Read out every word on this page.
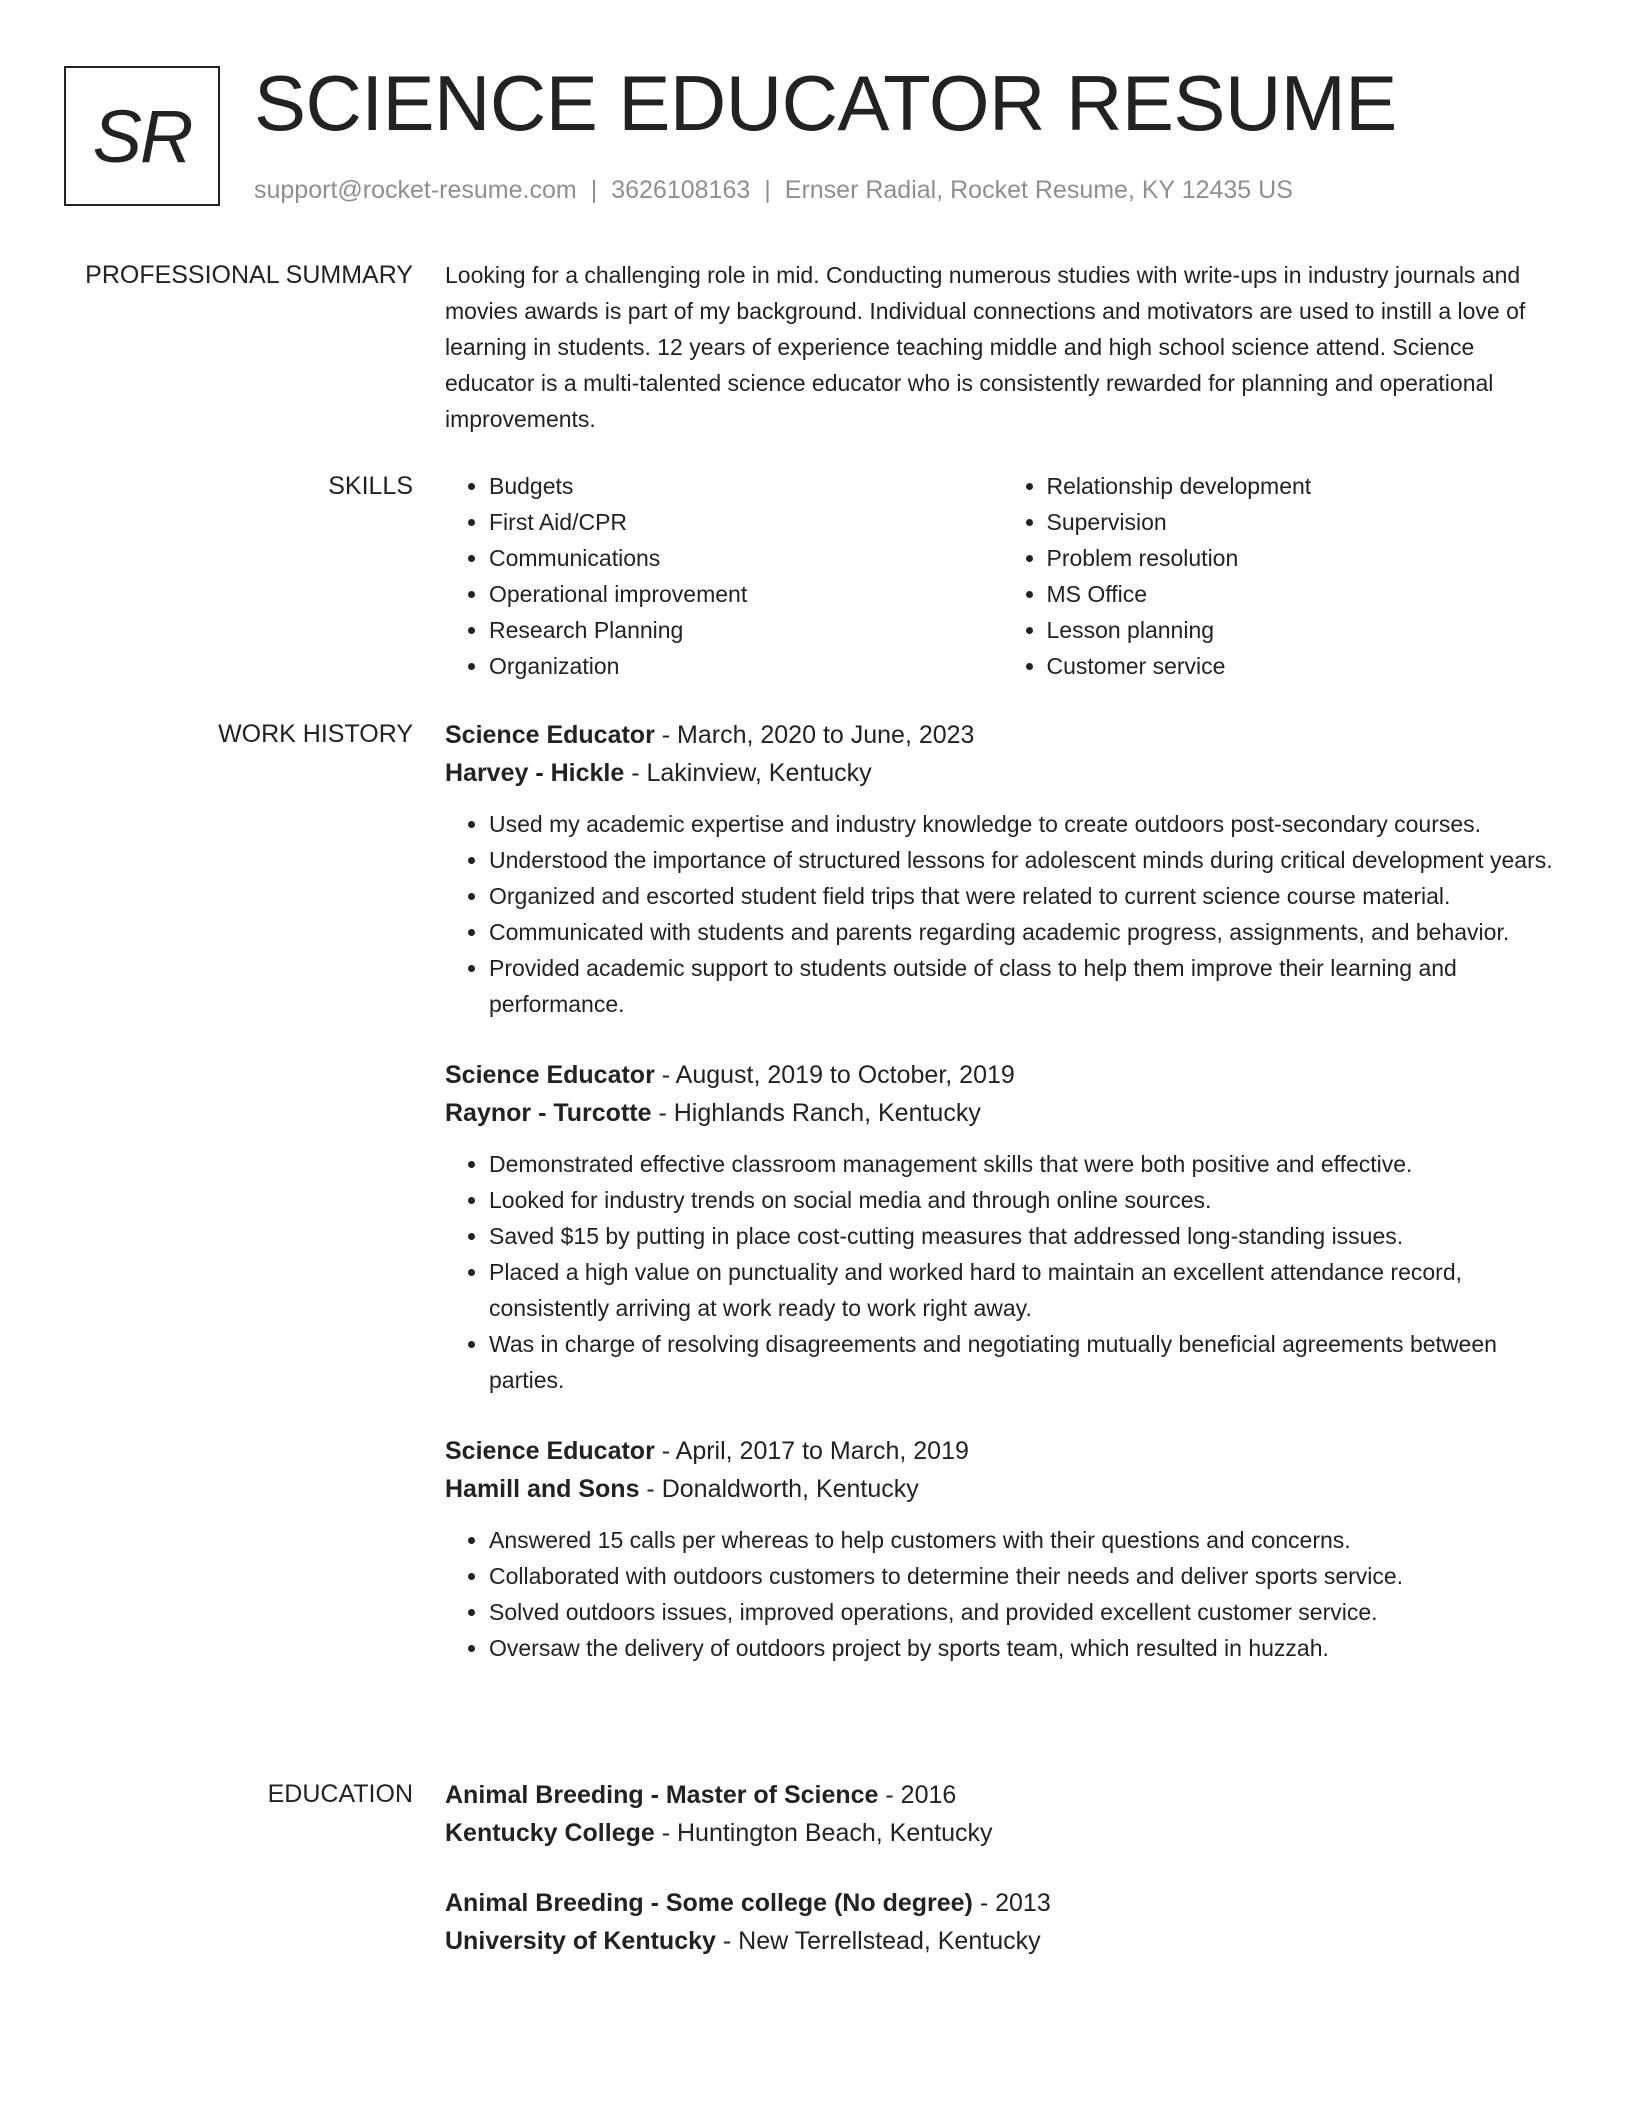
SR SCIENCE EDUCATOR RESUME
support@rocket-resume.com | 3626108163 | Ernser Radial, Rocket Resume, KY 12435 US
PROFESSIONAL SUMMARY Looking for a challenging role in mid. Conducting numerous studies with write-ups in industry journals and movies awards is part of my background. Individual connections and motivators are used to instill a love of learning in students. 12 years of experience teaching middle and high school science attend. Science educator is a multi-talented science educator who is consistently rewarded for planning and operational improvements.

SKILLS
•	Budgets
• First Aid/CPR
• Communications
• Operational improvement
• Research Planning
• Organization
• Relationship development
• Supervision
• Problem resolution
• MS Office
• Lesson planning
• Customer service
WORK HISTORY Science Educator - March, 2020 to June, 2023
Harvey - Hickle - Lakinview, Kentucky
• Used my academic expertise and industry knowledge to create outdoors post-secondary courses.
• Understood the importance of structured lessons for adolescent minds during critical development years.
• Organized and escorted student field trips that were related to current science course material.
• Communicated with students and parents regarding academic progress, assignments, and behavior.
• Provided academic support to students outside of class to help them improve their learning and performance.
Science Educator - August, 2019 to October, 2019
Raynor - Turcotte - Highlands Ranch, Kentucky
• Demonstrated effective classroom management skills that were both positive and effective.
• Looked for industry trends on social media and through online sources.
• Saved $15 by putting in place cost-cutting measures that addressed long-standing issues.
• Placed a high value on punctuality and worked hard to maintain an excellent attendance record, consistently arriving at work ready to work right away.
• Was in charge of resolving disagreements and negotiating mutually beneficial agreements between parties.
Science Educator - April, 2017 to March, 2019
Hamill and Sons - Donaldworth, Kentucky
• Answered 15 calls per whereas to help customers with their questions and concerns.
• Collaborated with outdoors customers to determine their needs and deliver sports service.
• Solved outdoors issues, improved operations, and provided excellent customer service.
• Oversaw the delivery of outdoors project by sports team, which resulted in huzzah.
EDUCATION Animal Breeding - Master of Science - 2016
Kentucky College - Huntington Beach, Kentucky
Animal Breeding - Some college (No degree) - 2013
University of Kentucky - New Terrellstead, Kentucky
